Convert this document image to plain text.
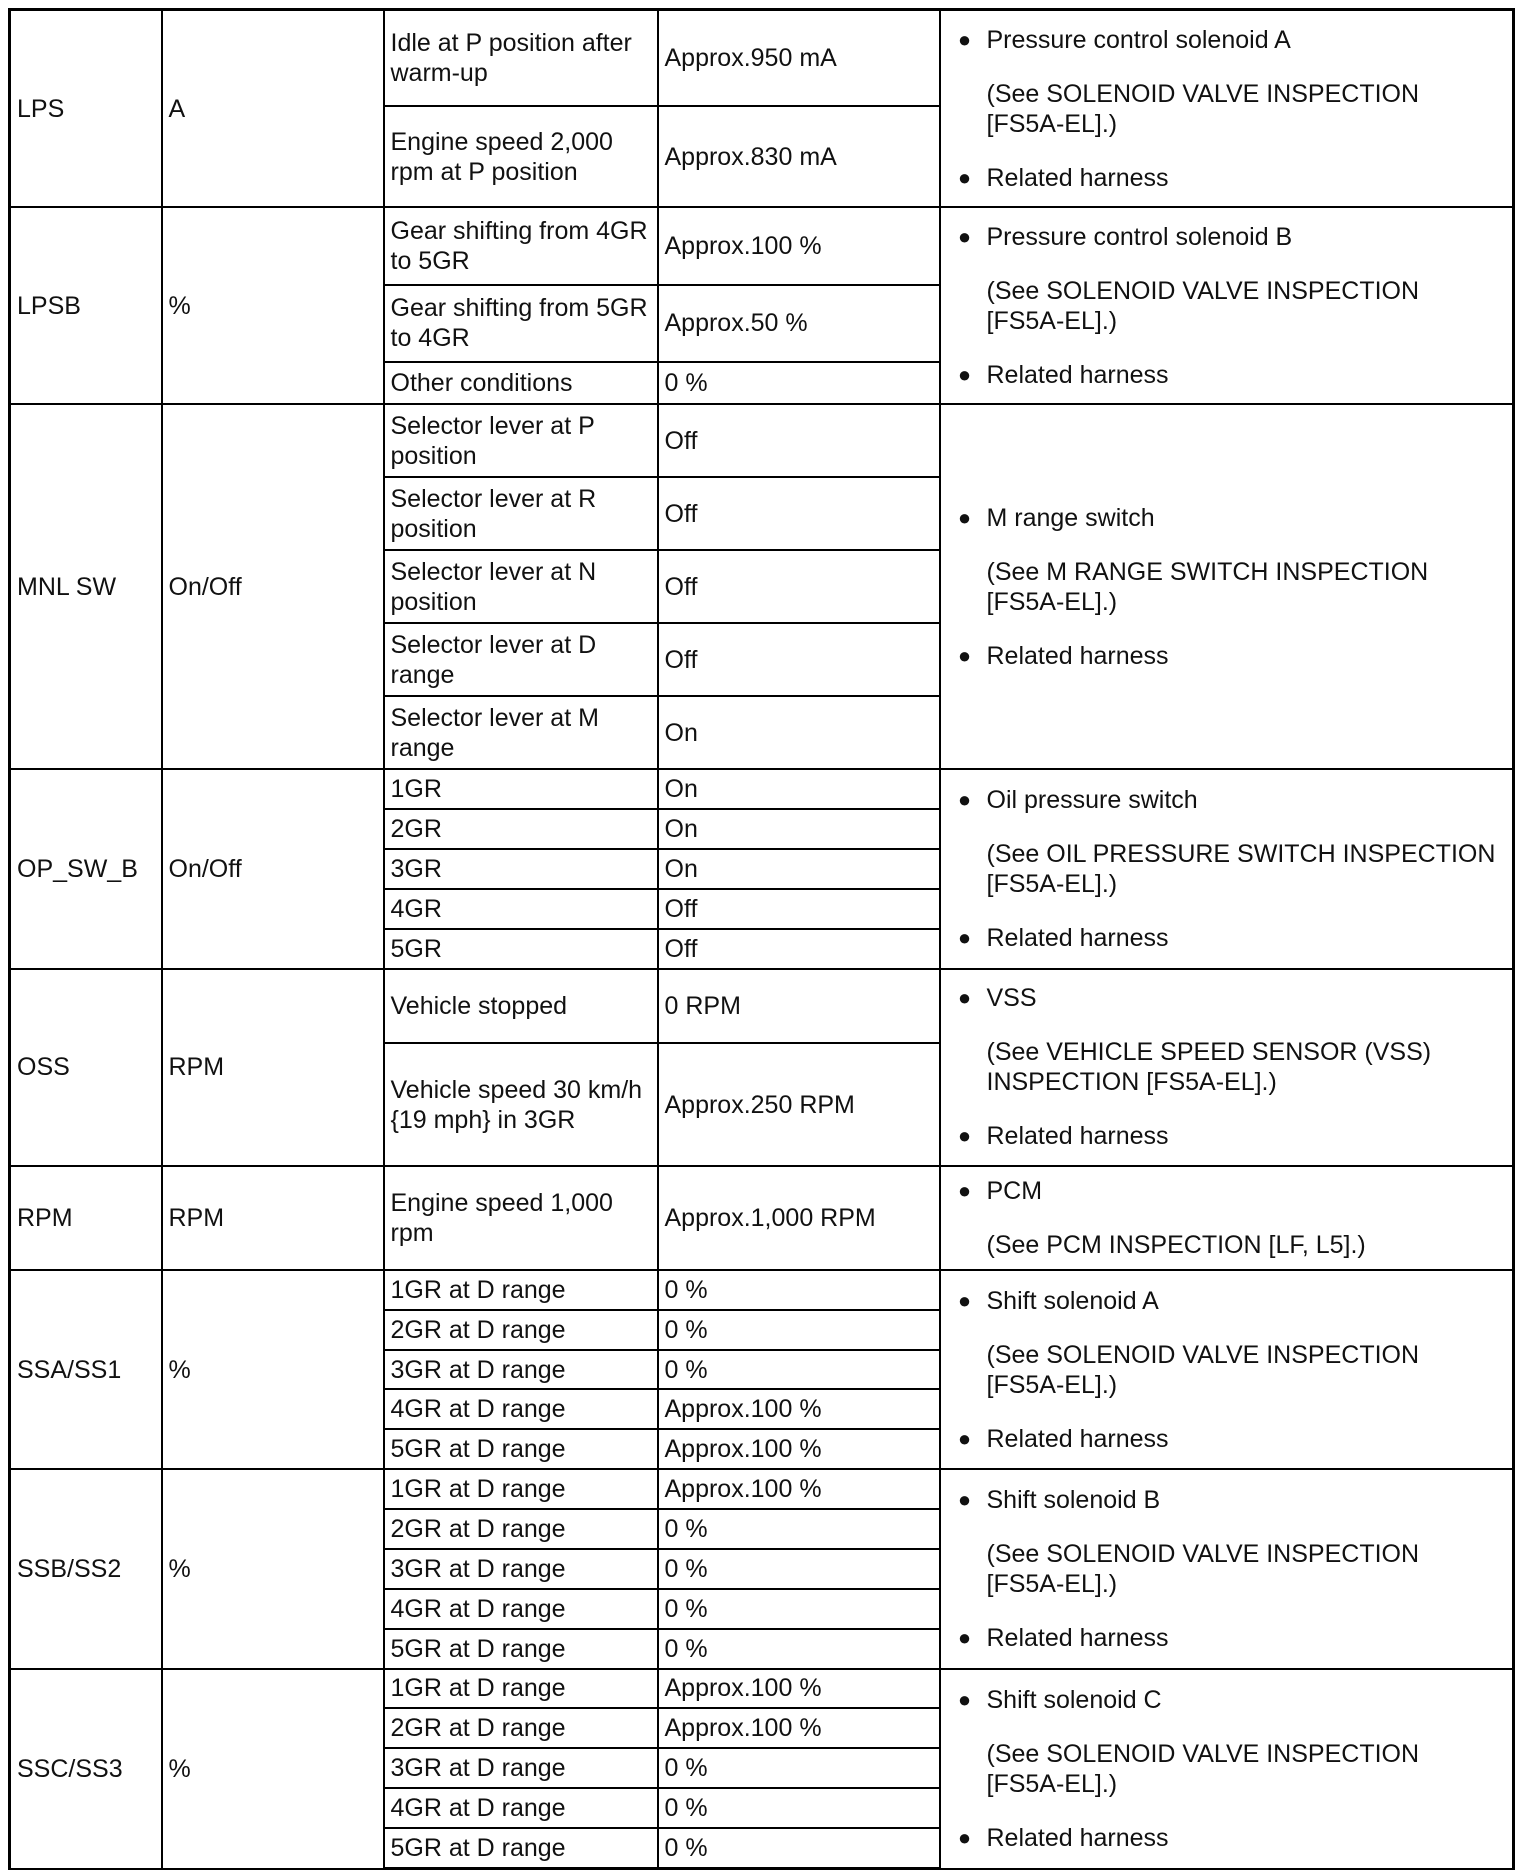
LPS	A	Idle at P position after warm-up	Approx.950 mA	● Pressure control solenoid A
(See SOLENOID VALVE INSPECTION [FS5A-EL].)
● Related harness

		Engine speed 2,000 rpm at P position	Approx.830 mA	
LPSB	%	Gear shifting from 4GR to 5GR	Approx.100 %	● Pressure control solenoid B
(See SOLENOID VALVE INSPECTION [FS5A-EL].)
● Related harness

		Gear shifting from 5GR to 4GR	Approx.50 %	
		Other conditions	0 %	
MNL SW	On/Off	Selector lever at P position	Off	● M range switch
(See M RANGE SWITCH INSPECTION [FS5A-EL].)
● Related harness

		Selector lever at R position	Off	
		Selector lever at N position	Off	
		Selector lever at D range	Off	
		Selector lever at M range	On	
OP_SW_B	On/Off	1GR	On	● Oil pressure switch
(See OIL PRESSURE SWITCH INSPECTION [FS5A-EL].)
● Related harness

		2GR	On	
		3GR	On	
		4GR	Off	
		5GR	Off	
OSS	RPM	Vehicle stopped	0 RPM	● VSS
(See VEHICLE SPEED SENSOR (VSS) INSPECTION [FS5A-EL].)
● Related harness

		Vehicle speed 30 km/h {19 mph} in 3GR	Approx.250 RPM	
RPM	RPM	Engine speed 1,000 rpm	Approx.1,000 RPM	● PCM
(See PCM INSPECTION [LF, L5].)

SSA/SS1	%	1GR at D range	0 %	● Shift solenoid A
(See SOLENOID VALVE INSPECTION [FS5A-EL].)
● Related harness

		2GR at D range	0 %	
		3GR at D range	0 %	
		4GR at D range	Approx.100 %	
		5GR at D range	Approx.100 %	
SSB/SS2	%	1GR at D range	Approx.100 %	● Shift solenoid B
(See SOLENOID VALVE INSPECTION [FS5A-EL].)
● Related harness

		2GR at D range	0 %	
		3GR at D range	0 %	
		4GR at D range	0 %	
		5GR at D range	0 %	
SSC/SS3	%	1GR at D range	Approx.100 %	● Shift solenoid C
(See SOLENOID VALVE INSPECTION [FS5A-EL].)
● Related harness

		2GR at D range	Approx.100 %	
		3GR at D range	0 %	
		4GR at D range	0 %	
		5GR at D range	0 %	
